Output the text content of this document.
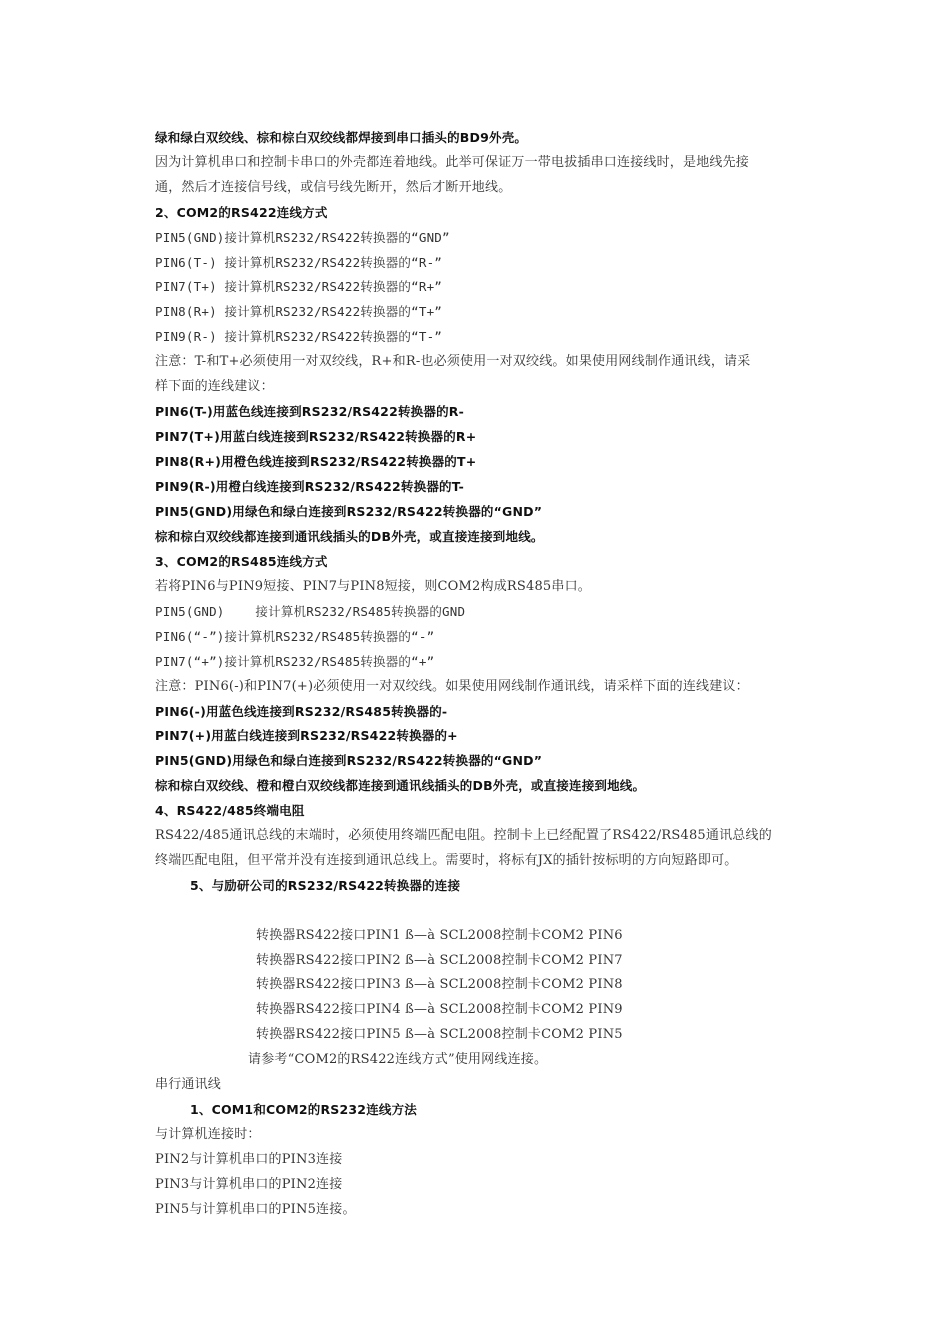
绿和绿白双绞线、棕和棕白双绞线都焊接到串口插头的BD9外壳。
因为计算机串口和控制卡串口的外壳都连着地线。此举可保证万一带电拔插串口连接线时，是地线先接
通，然后才连接信号线，或信号线先断开，然后才断开地线。
2、COM2的RS422连线方式
PIN5(GND)接计算机RS232/RS422转换器的“GND”
PIN6(T-) 接计算机RS232/RS422转换器的“R-”
PIN7(T+) 接计算机RS232/RS422转换器的“R+”
PIN8(R+) 接计算机RS232/RS422转换器的“T+”
PIN9(R-) 接计算机RS232/RS422转换器的“T-”
注意：T-和T+必须使用一对双绞线，R+和R-也必须使用一对双绞线。如果使用网线制作通讯线，请采
样下面的连线建议：
PIN6(T-)用蓝色线连接到RS232/RS422转换器的R-
PIN7(T+)用蓝白线连接到RS232/RS422转换器的R+
PIN8(R+)用橙色线连接到RS232/RS422转换器的T+
PIN9(R-)用橙白线连接到RS232/RS422转换器的T-
PIN5(GND)用绿色和绿白连接到RS232/RS422转换器的“GND”
棕和棕白双绞线都连接到通讯线插头的DB外壳，或直接连接到地线。
3、COM2的RS485连线方式
若将PIN6与PIN9短接、PIN7与PIN8短接，则COM2构成RS485串口。
PIN5(GND)    接计算机RS232/RS485转换器的GND
PIN6(“-”)接计算机RS232/RS485转换器的“-”
PIN7(“+”)接计算机RS232/RS485转换器的“+”
注意：PIN6(-)和PIN7(+)必须使用一对双绞线。如果使用网线制作通讯线，请采样下面的连线建议：
PIN6(-)用蓝色线连接到RS232/RS485转换器的-
PIN7(+)用蓝白线连接到RS232/RS422转换器的+
PIN5(GND)用绿色和绿白连接到RS232/RS422转换器的“GND”
棕和棕白双绞线、橙和橙白双绞线都连接到通讯线插头的DB外壳，或直接连接到地线。
4、RS422/485终端电阻
RS422/485通讯总线的末端时，必须使用终端匹配电阻。控制卡上已经配置了RS422/RS485通讯总线的
终端匹配电阻，但平常并没有连接到通讯总线上。需要时，将标有JX的插针按标明的方向短路即可。
5、与励研公司的RS232/RS422转换器的连接
转换器RS422接口PIN1 ß—à SCL2008控制卡COM2 PIN6
转换器RS422接口PIN2 ß—à SCL2008控制卡COM2 PIN7
转换器RS422接口PIN3 ß—à SCL2008控制卡COM2 PIN8
转换器RS422接口PIN4 ß—à SCL2008控制卡COM2 PIN9
转换器RS422接口PIN5 ß—à SCL2008控制卡COM2 PIN5
请参考“COM2的RS422连线方式”使用网线连接。
串行通讯线
1、COM1和COM2的RS232连线方法
与计算机连接时：
PIN2与计算机串口的PIN3连接
PIN3与计算机串口的PIN2连接
PIN5与计算机串口的PIN5连接。
